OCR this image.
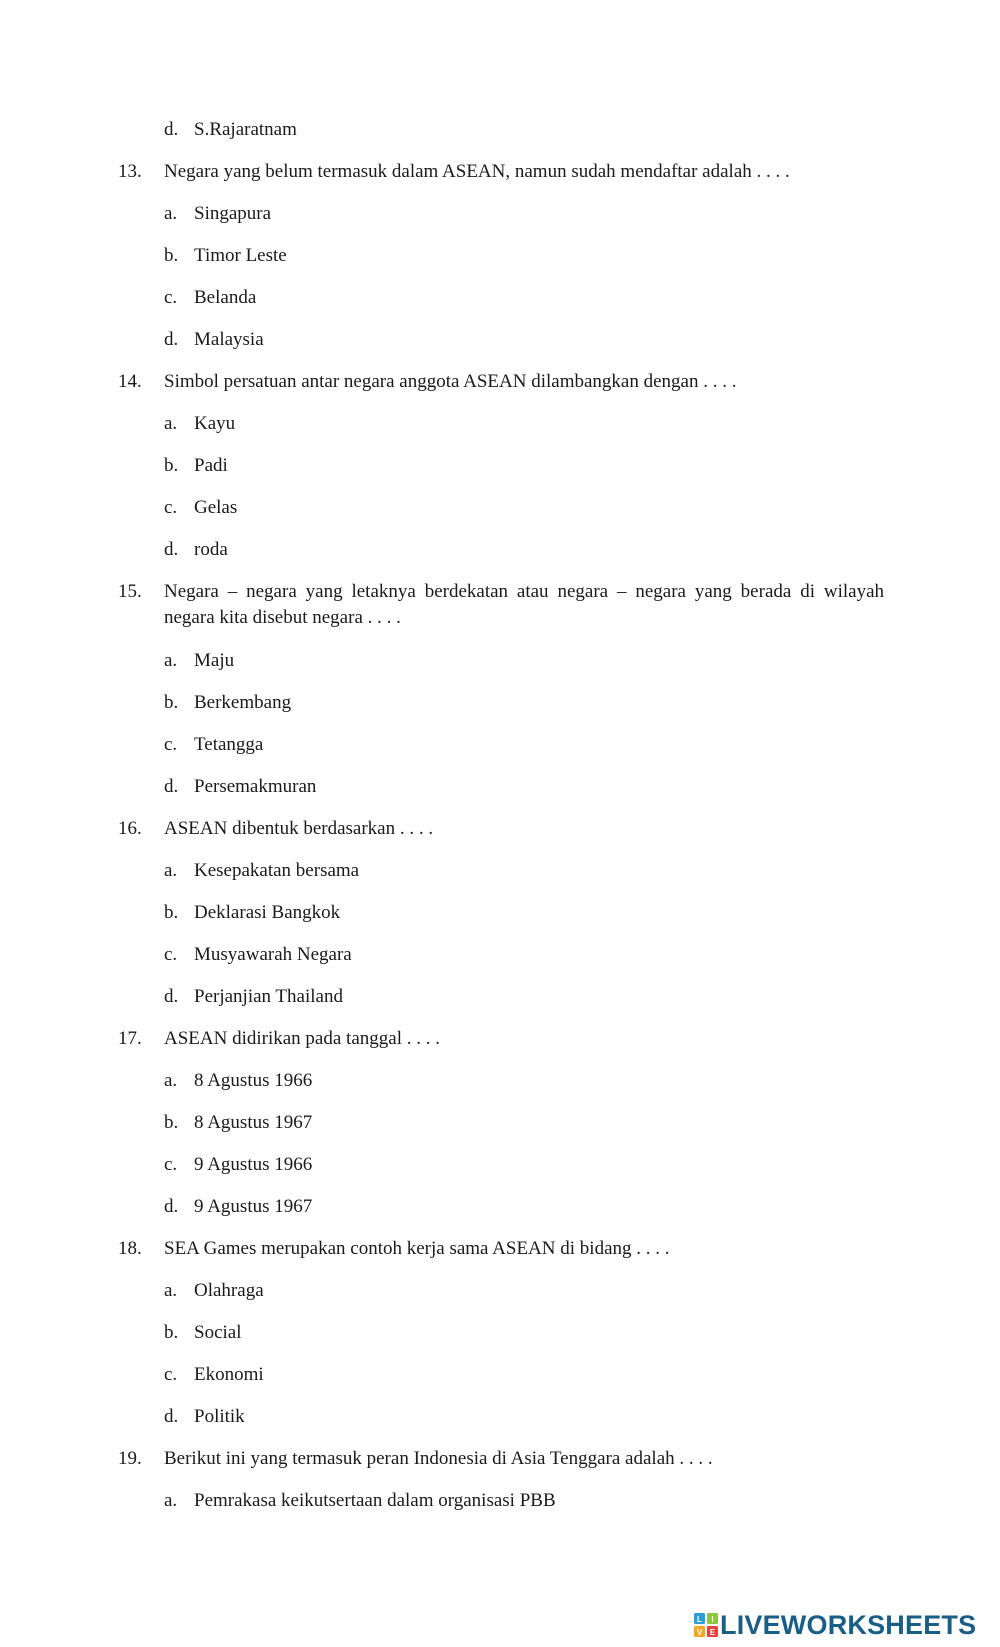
d. S.Rajaratnam
13. Negara yang belum termasuk dalam ASEAN, namun sudah mendaftar adalah . . . .
a. Singapura
b. Timor Leste
c. Belanda
d. Malaysia
14. Simbol persatuan antar negara anggota ASEAN dilambangkan dengan . . . .
a. Kayu
b. Padi
c. Gelas
d. roda
15. Negara – negara yang letaknya berdekatan atau negara – negara yang berada di wilayah negara kita disebut negara . . . .
a. Maju
b. Berkembang
c. Tetangga
d. Persemakmuran
16. ASEAN dibentuk berdasarkan . . . .
a. Kesepakatan bersama
b. Deklarasi Bangkok
c. Musyawarah Negara
d. Perjanjian Thailand
17. ASEAN didirikan pada tanggal . . . .
a. 8 Agustus 1966
b. 8 Agustus 1967
c. 9 Agustus 1966
d. 9 Agustus 1967
18. SEA Games merupakan contoh kerja sama ASEAN di bidang . . . .
a. Olahraga
b. Social
c. Ekonomi
d. Politik
19. Berikut ini yang termasuk peran Indonesia di Asia Tenggara adalah . . . .
a. Pemrakasa keikutsertaan dalam organisasi PBB
L I
V E LIVEWORKSHEETS
